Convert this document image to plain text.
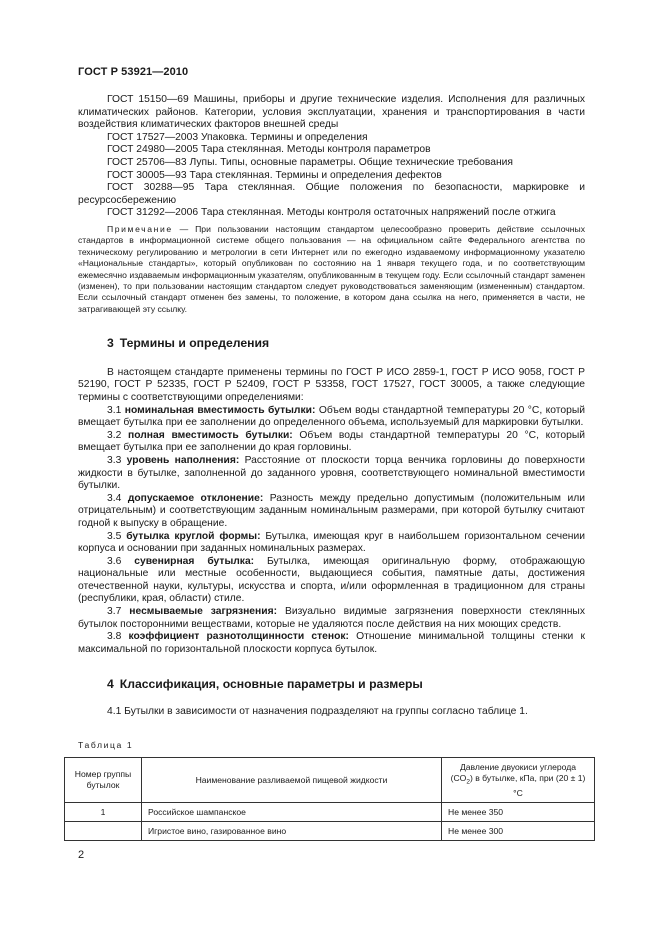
ГОСТ Р 53921—2010

ГОСТ 15150—69 Машины, приборы и другие технические изделия. Исполнения для различных климатических районов. Категории, условия эксплуатации, хранения и транспортирования в части воздействия климатических факторов внешней среды

ГОСТ 17527—2003 Упаковка. Термины и определения

ГОСТ 24980—2005 Тара стеклянная. Методы контроля параметров

ГОСТ 25706—83 Лупы. Типы, основные параметры. Общие технические требования

ГОСТ 30005—93 Тара стеклянная. Термины и определения дефектов

ГОСТ 30288—95 Тара стеклянная. Общие положения по безопасности, маркировке и ресурсосбережению

ГОСТ 31292—2006 Тара стеклянная. Методы контроля остаточных напряжений после отжига

Примечание — При пользовании настоящим стандартом целесообразно проверить действие ссылочных стандартов в информационной системе общего пользования — на официальном сайте Федерального агентства по техническому регулированию и метрологии в сети Интернет или по ежегодно издаваемому информационному указателю «Национальные стандарты», который опубликован по состоянию на 1 января текущего года, и по соответствующим ежемесячно издаваемым информационным указателям, опубликованным в текущем году. Если ссылочный стандарт заменен (изменен), то при пользовании настоящим стандартом следует руководствоваться заменяющим (измененным) стандартом. Если ссылочный стандарт отменен без замены, то положение, в котором дана ссылка на него, применяется в части, не затрагивающей эту ссылку.

3 Термины и определения

В настоящем стандарте применены термины по ГОСТ Р ИСО 2859-1, ГОСТ Р ИСО 9058, ГОСТ Р 52190, ГОСТ Р 52335, ГОСТ Р 52409, ГОСТ Р 53358, ГОСТ 17527, ГОСТ 30005, а также следующие термины с соответствующими определениями:

3.1 номинальная вместимость бутылки: Объем воды стандартной температуры 20 °С, который вмещает бутылка при ее заполнении до определенного объема, используемый для маркировки бутылки.

3.2 полная вместимость бутылки: Объем воды стандартной температуры 20 °С, который вмещает бутылка при ее заполнении до края горловины.

3.3 уровень наполнения: Расстояние от плоскости торца венчика горловины до поверхности жидкости в бутылке, заполненной до заданного уровня, соответствующего номинальной вместимости бутылки.

3.4 допускаемое отклонение: Разность между предельно допустимым (положительным или отрицательным) и соответствующим заданным номинальным размерами, при которой бутылку считают годной к выпуску в обращение.

3.5 бутылка круглой формы: Бутылка, имеющая круг в наибольшем горизонтальном сечении корпуса и основании при заданных номинальных размерах.

3.6 сувенирная бутылка: Бутылка, имеющая оригинальную форму, отображающую национальные или местные особенности, выдающиеся события, памятные даты, достижения отечественной науки, культуры, искусства и спорта, и/или оформленная в традиционном для страны (республики, края, области) стиле.

3.7 несмываемые загрязнения: Визуально видимые загрязнения поверхности стеклянных бутылок посторонними веществами, которые не удаляются после действия на них моющих средств.

3.8 коэффициент разнотолщинности стенок: Отношение минимальной толщины стенки к максимальной по горизонтальной плоскости корпуса бутылок.

4 Классификация, основные параметры и размеры

4.1 Бутылки в зависимости от назначения подразделяют на группы согласно таблице 1.

Таблица 1
Номер группы бутылок	Наименование разливаемой пищевой жидкости	Давление двуокиси углерода $(CO_2)$ в бутылке, кПа, при (20 ± 1) °С
1	Российское шампанское	Не менее 350
	Игристое вино, газированное вино	Не менее 300
2
